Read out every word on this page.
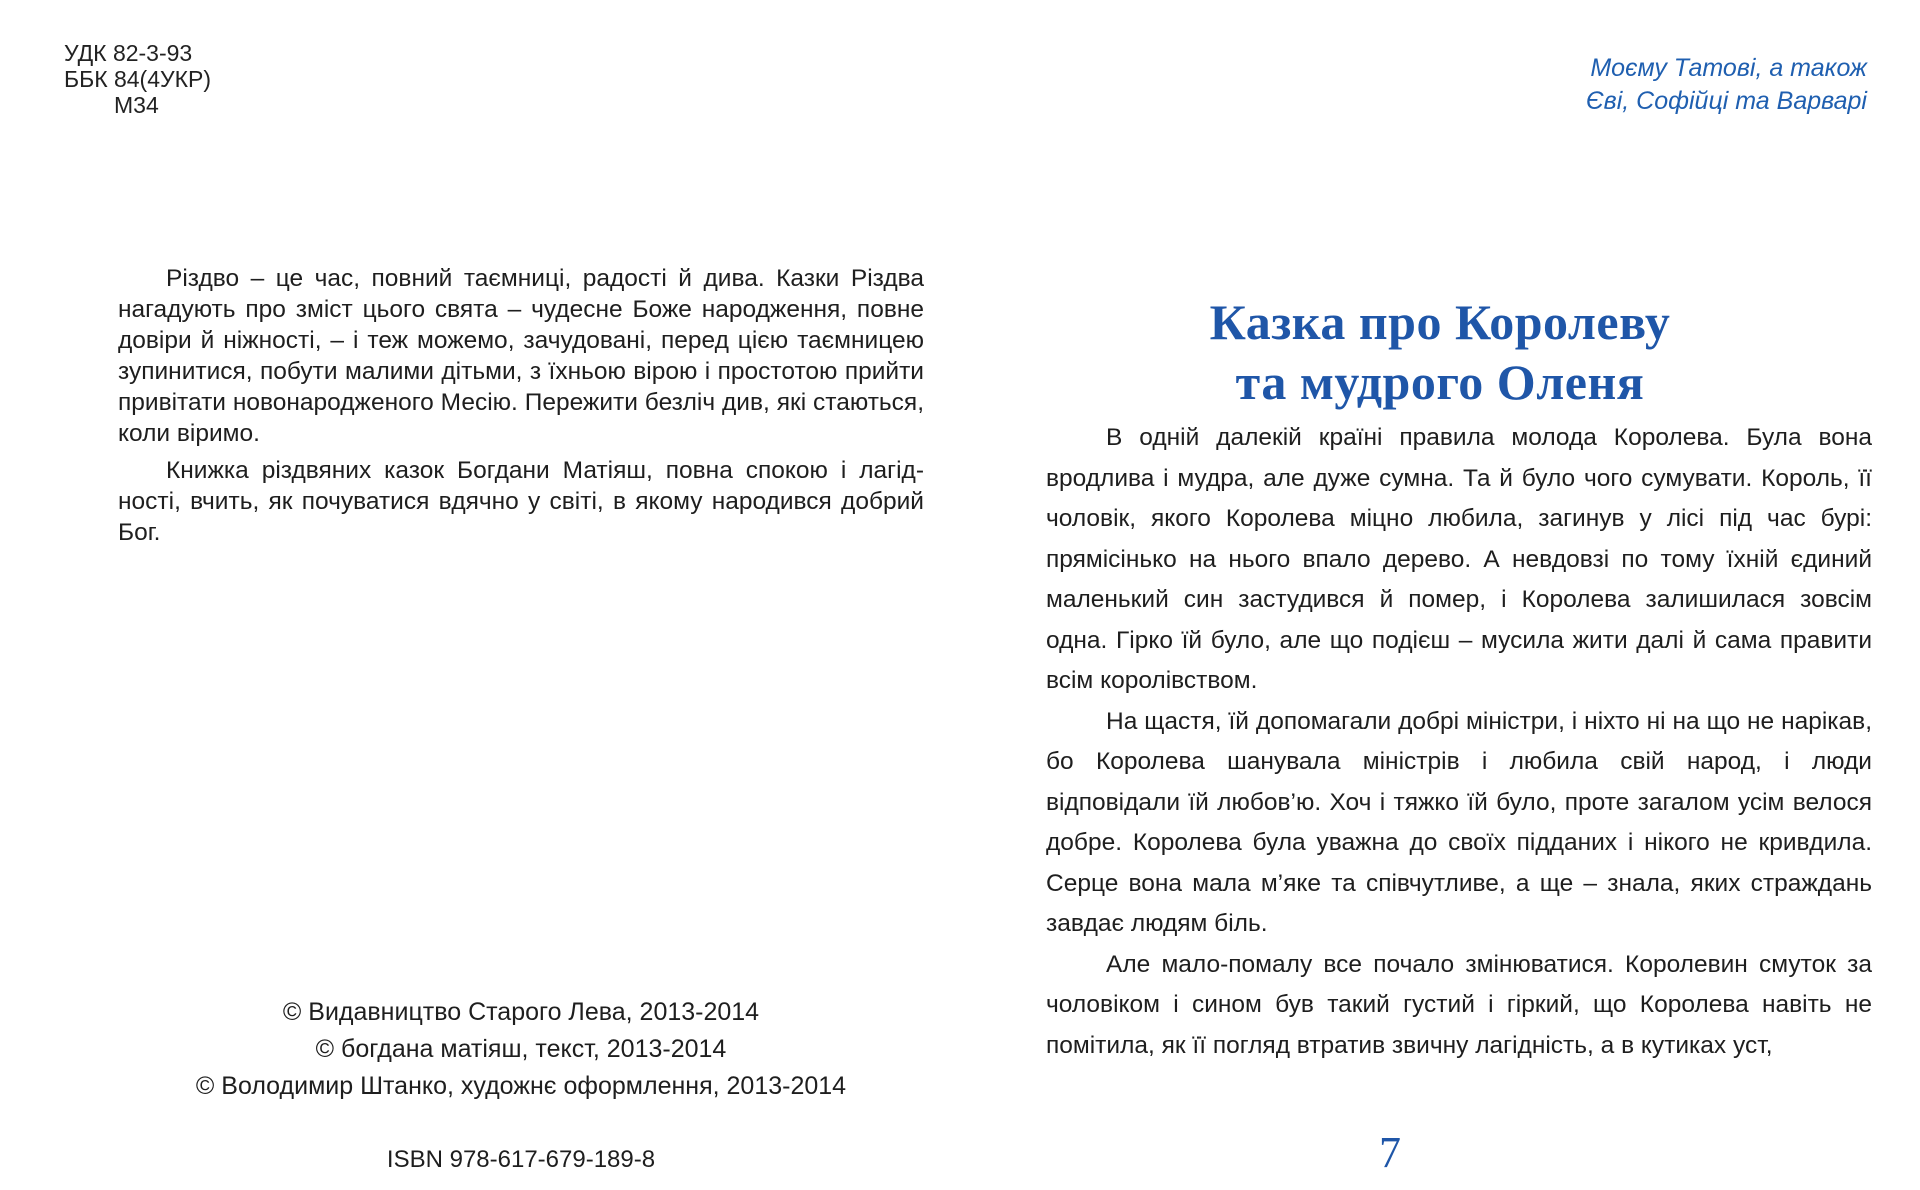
УДК 82-3-93
ББК 84(4УКР)
М34

Різдво – це час, повний таємниці, радості й дива. Казки Різдва нагадують про зміст цього свята – чудесне Боже народження, повне довіри й ніжності, – і теж можемо, зачудовані, перед цією таємницею зупинитися, побути малими дітьми, з їхньою вірою і простотою прийти привітати новонародженого Месію. Пережити безліч див, які стаються, коли віримо.

Книжка різдвяних казок Богдани Матіяш, повна спокою і лагідності, вчить, як почуватися вдячно у світі, в якому народився добрий Бог.

© Видавництво Старого Лева, 2013-2014
© богдана матіяш, текст, 2013-2014
© Володимир Штанко, художнє оформлення, 2013-2014
ISBN 978-617-679-189-8
Моєму Татові, а також
Єві, Софійці та Варварі
Казка про Королеву
та мудрого Оленя

В одній далекій країні правила молода Королева. Була вона вродлива і мудра, але дуже сумна. Та й було чого сумувати. Король, її чоловік, якого Королева міцно любила, загинув у лісі під час бурі: прямісінько на нього впало дерево. А невдовзі по тому їхній єдиний маленький син застудився й помер, і Королева залишилася зовсім одна. Гірко їй було, але що подієш – мусила жити далі й сама правити всім королівством.

На щастя, їй допомагали добрі міністри, і ніхто ні на що не нарікав, бо Королева шанувала міністрів і любила свій народ, і люди відповідали їй любов’ю. Хоч і тяжко їй було, проте загалом усім велося добре. Королева була уважна до своїх підданих і нікого не кривдила. Серце вона мала м’яке та співчутливе, а ще – знала, яких страждань завдає людям біль.

Але мало-помалу все почало змінюватися. Королевин смуток за чоловіком і сином був такий густий і гіркий, що Королева навіть не помітила, як її погляд втратив звичну лагідність, а в кутиках уст,

7
